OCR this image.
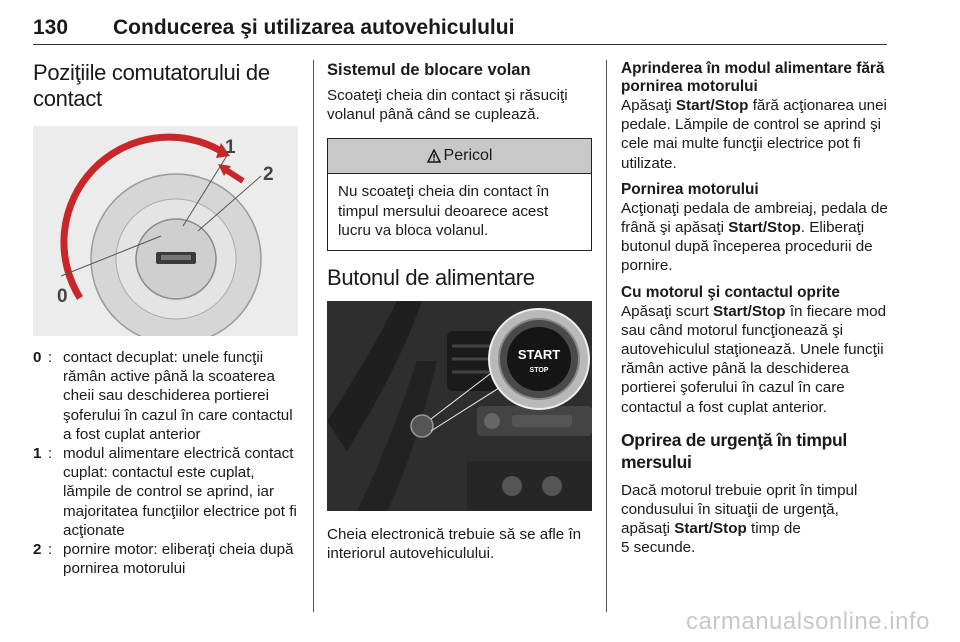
130 Conducerea şi utilizarea autovehiculului
Poziţiile comutatorului de contact
0
1
2
0 : contact decuplat: unele funcţii rămân active până la scoaterea cheii sau deschiderea portierei şoferului în cazul în care contactul a fost cuplat anterior
1 : modul alimentare electrică contact cuplat: contactul este cuplat, lămpile de control se aprind, iar majoritatea funcţiilor electrice pot fi acţionate
2 : pornire motor: eliberaţi cheia după pornirea motorului
Sistemul de blocare volan

Scoateţi cheia din contact şi răsuciţi volanul până când se cuplează.

Pericol

Nu scoateţi cheia din contact în timpul mersului deoarece acest lucru va bloca volanul.

Butonul de alimentare
START
STOP

Cheia electronică trebuie să se afle în interiorul autovehiculului.

Aprinderea în modul alimentare fără pornirea motorului

Apăsaţi Start/Stop fără acţionarea unei pedale. Lămpile de control se aprind şi cele mai multe funcţii electrice pot fi utilizate.

Pornirea motorului

Acţionaţi pedala de ambreiaj, pedala de frână şi apăsaţi Start/Stop. Eliberaţi butonul după începerea procedurii de pornire.

Cu motorul şi contactul oprite

Apăsaţi scurt Start/Stop în fiecare mod sau când motorul funcţionează şi autovehiculul staţionează. Unele funcţii rămân active până la deschiderea portierei şoferului în cazul în care contactul a fost cuplat anterior.

Oprirea de urgenţă în timpul mersului

Dacă motorul trebuie oprit în timpul condusului în situaţii de urgenţă, apăsaţi Start/Stop timp de
5 secunde.

carmanualsonline.info
